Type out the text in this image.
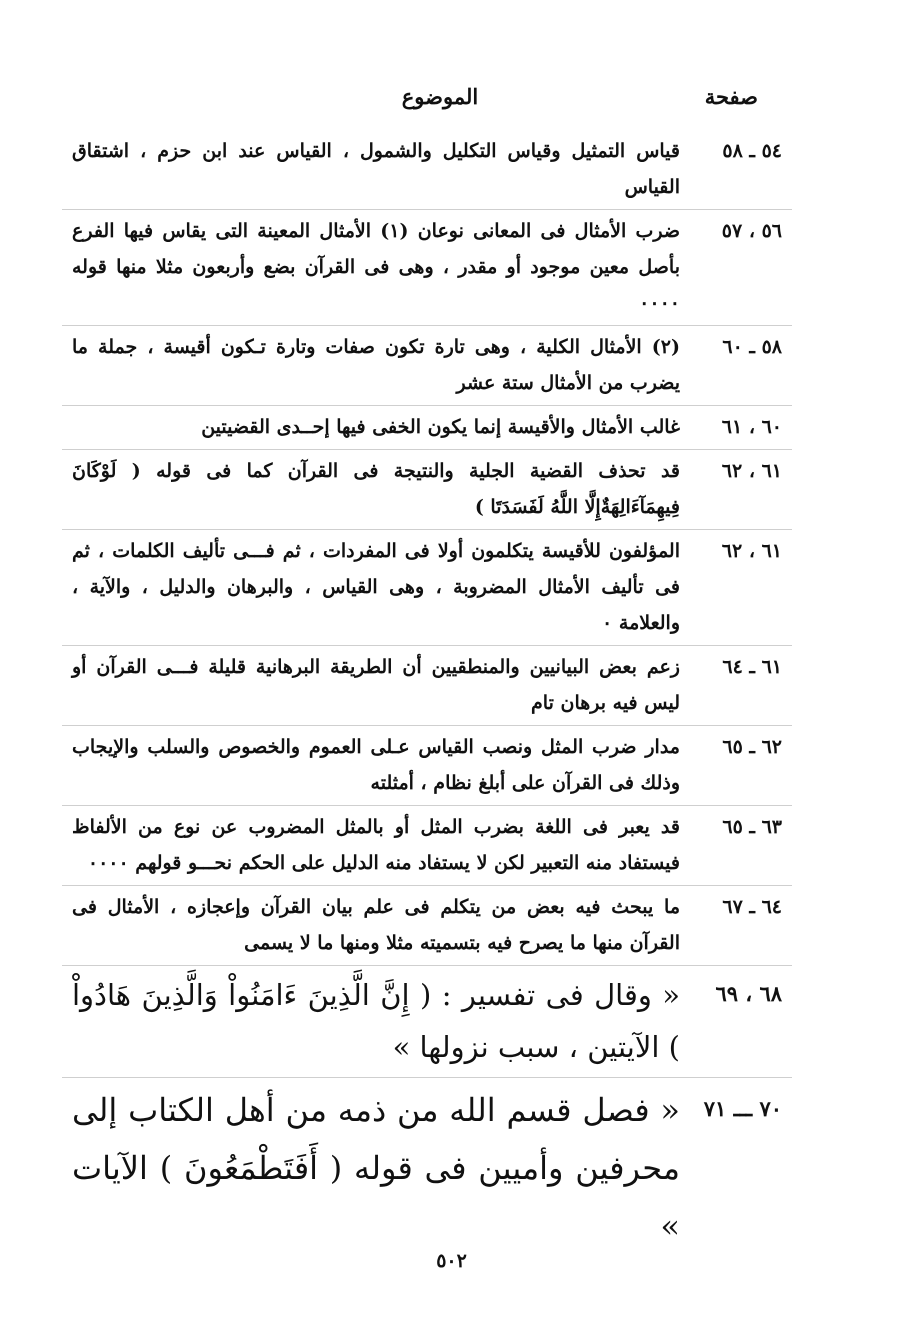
صفحة
الموضوع
٥٤ ـ ٥٨
قياس التمثيل وقياس التكليل والشمول ، القياس عند ابن حزم ، اشتقاق القياس
٥٦ ، ٥٧
ضرب الأمثال فى المعانى نوعان (١) الأمثال المعينة التى يقاس فيها الفرع بأصل معين موجود أو مقدر ، وهى فى القرآن بضع وأربعون مثلا منها قوله ٠٠٠٠
٥٨ ـ ٦٠
(٢) الأمثال الكلية ، وهى تارة تكون صفات وتارة تـكون أقيسة ، جملة ما يضرب من الأمثال ستة عشر
٦٠ ، ٦١
غالب الأمثال والأقيسة إنما يكون الخفى فيها إحــدى القضيتين
٦١ ، ٦٢
قد تحذف القضية الجلية والنتيجة فى القرآن كما فى قوله ( لَوْكَانَ فِيهِمَآءَالِهَةٌإِلَّا اللَّهُ لَفَسَدَتَا )
٦١ ، ٦٢
المؤلفون للأقيسة يتكلمون أولا فى المفردات ، ثم فـــى تأليف الكلمات ، ثم فى تأليف الأمثال المضروبة ، وهى القياس ، والبرهان والدليل ، والآية ، والعلامة ٠
٦١ ـ ٦٤
زعم بعض البيانيين والمنطقيين أن الطريقة البرهانية قليلة فـــى القرآن أو ليس فيه برهان تام
٦٢ ـ ٦٥
مدار ضرب المثل ونصب القياس عـلى العموم والخصوص والسلب والإيجاب وذلك فى القرآن على أبلغ نظام ، أمثلته
٦٣ ـ ٦٥
قد يعبر فى اللغة بضرب المثل أو بالمثل المضروب عن نوع من الألفاظ فيستفاد منه التعبير لكن لا يستفاد منه الدليل على الحكم نحـــو قولهم ٠٠٠٠
٦٤ ـ ٦٧
ما يبحث فيه بعض من يتكلم فى علم بيان القرآن وإعجازه ، الأمثال فى القرآن منها ما يصرح فيه بتسميته مثلا ومنها ما لا يسمى
٦٨ ، ٦٩
« وقال فى تفسير : ( إِنَّ الَّذِينَ ءَامَنُواْ وَالَّذِينَ هَادُواْ ) الآيتين ، سبب نزولها »
٧٠ ـــ ٧١
« فصل قسم الله من ذمه من أهل الكتاب إلى محرفين وأميين فى قوله ( أَفَتَطْمَعُونَ ) الآيات »
٥٠٢
